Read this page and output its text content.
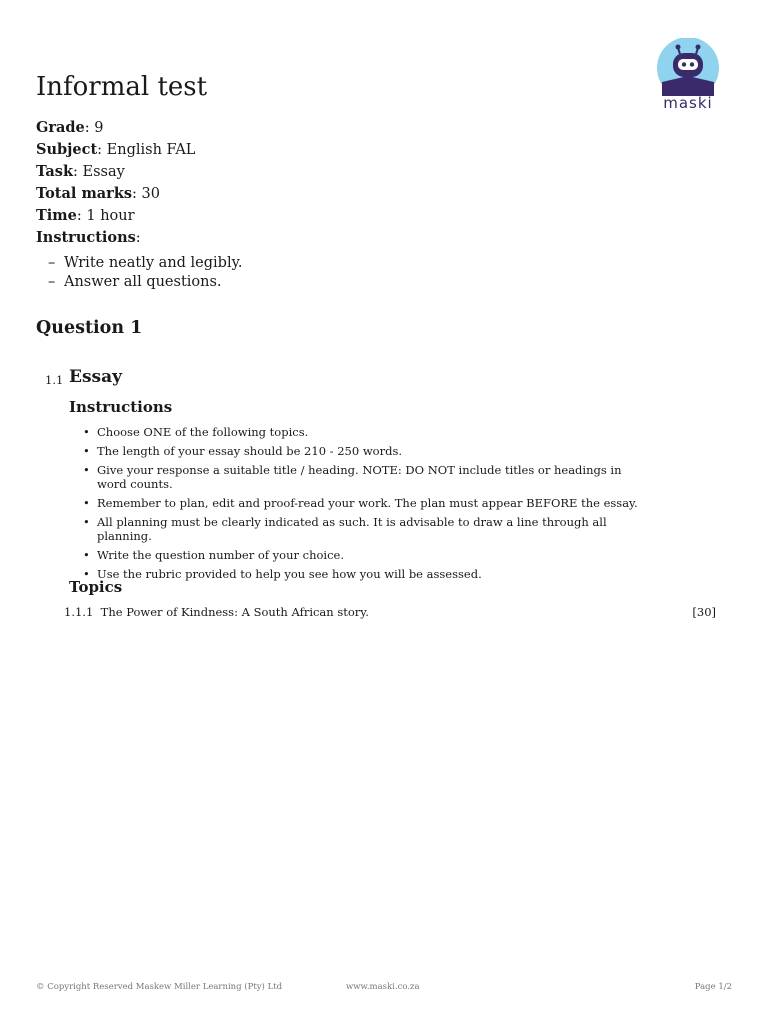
maski
Informal test
Grade: 9
Subject: English FAL
Task: Essay
Total marks: 30
Time: 1 hour
Instructions:
– Write neatly and legibly.
– Answer all questions.
Question 1
1.1 Essay
Instructions
• Choose ONE of the following topics.
• The length of your essay should be 210 - 250 words.
• Give your response a suitable title / heading. NOTE: DO NOT include titles or headings in word counts.
• Remember to plan, edit and proof-read your work. The plan must appear BEFORE the essay.
• All planning must be clearly indicated as such. It is advisable to draw a line through all planning.
• Write the question number of your choice.
• Use the rubric provided to help you see how you will be assessed.
Topics
1.1.1 The Power of Kindness: A South African story.	[30]
© Copyright Reserved Maskew Miller Learning (Pty) Ltd	www.maski.co.za	Page 1/2
